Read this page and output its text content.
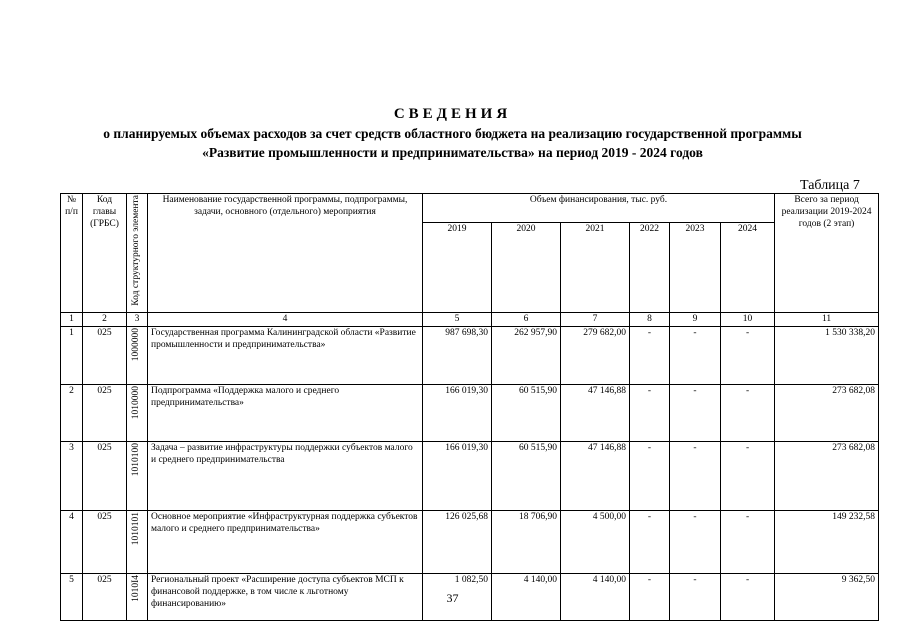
СВЕДЕНИЯ
о планируемых объемах расходов за счет средств областного бюджета на реализацию государственной программы
«Развитие промышленности и предпринимательства» на период 2019 - 2024 годов
Таблица 7
№ п/п	Код главы (ГРБС)	Код структурного элемента	Наименование государственной программы, подпрограммы, задачи, основного (отдельного) мероприятия	Объем финансирования, тыс. руб.						Всего за период реализации 2019-2024 годов (2 этап)
				2019	2020	2021	2022	2023	2024	
1	2	3	4	5	6	7	8	9	10	11
1	025	1000000	Государственная программа Калининградской области «Развитие промышленности и предпринимательства»	987 698,30	262 957,90	279 682,00	-	-	-	1 530 338,20
2	025	1010000	Подпрограмма «Поддержка малого и среднего предпринимательства»	166 019,30	60 515,90	47 146,88	-	-	-	273 682,08
3	025	1010100	Задача – развитие инфраструктуры поддержки субъектов малого и среднего предпринимательства	166 019,30	60 515,90	47 146,88	-	-	-	273 682,08
4	025	1010101	Основное мероприятие «Инфраструктурная поддержка субъектов малого и среднего предпринимательства»	126 025,68	18 706,90	4 500,00	-	-	-	149 232,58
5	025	1010I4	Региональный проект «Расширение доступа субъектов МСП к финансовой поддержке, в том числе к льготному финансированию»	1 082,50	4 140,00	4 140,00	-	-	-	9 362,50
37
